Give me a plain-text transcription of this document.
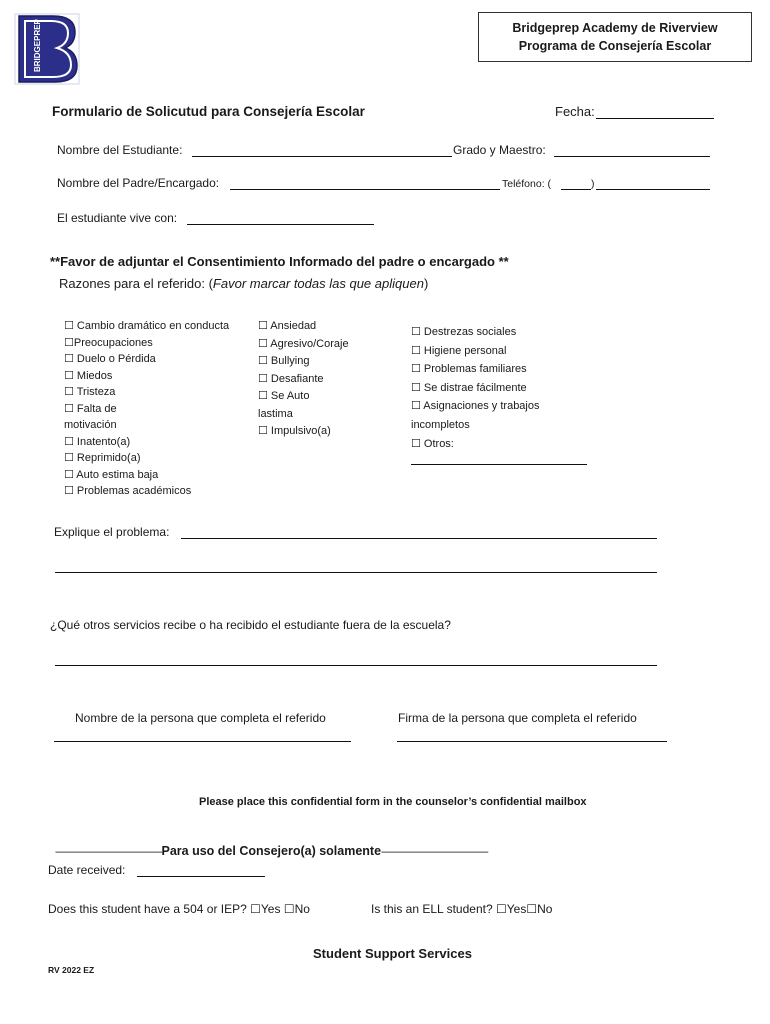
BRIDGEPREP	Bridgeprep Academy de Riverview
Programa de Consejería Escolar
Formulario de Solicutud para Consejería Escolar	Fecha:
Nombre del Estudiante:	Grado y Maestro:
Nombre del Padre/Encargado:	Teléfono: (	)
El estudiante vive con:
**Favor de adjuntar el Consentimiento Informado del padre o encargado **
Razones para el referido: (Favor marcar todas las que apliquen)
☐ Cambio dramático en conducta
☐Preocupaciones
☐ Duelo o Pérdida
☐ Miedos
☐ Tristeza
☐ Falta de
motivación
☐ Inatento(a)
☐ Reprimido(a)
☐ Auto estima baja
☐ Problemas académicos
☐ Ansiedad
☐ Agresivo/Coraje
☐ Bullying
☐ Desafiante
☐ Se Auto
lastima
☐ Impulsivo(a)
☐ Destrezas sociales
☐ Higiene personal
☐ Problemas familiares
☐ Se distrae fácilmente
☐ Asignaciones y trabajos
incompletos
☐ Otros:
Explique el problema:
¿Qué otros servicios recibe o ha recibido el estudiante fuera de la escuela?
Nombre de la persona que completa el referido	Firma de la persona que completa el referido
Please place this confidential form in the counselor’s confidential mailbox
--------------------------------------------------Para uso del Consejero(a) solamente--------------------------------------------------
Date received:
Does this student have a 504 or IEP? ☐Yes ☐No	Is this an ELL student? ☐Yes☐No
Student Support Services
RV 2022 EZ
